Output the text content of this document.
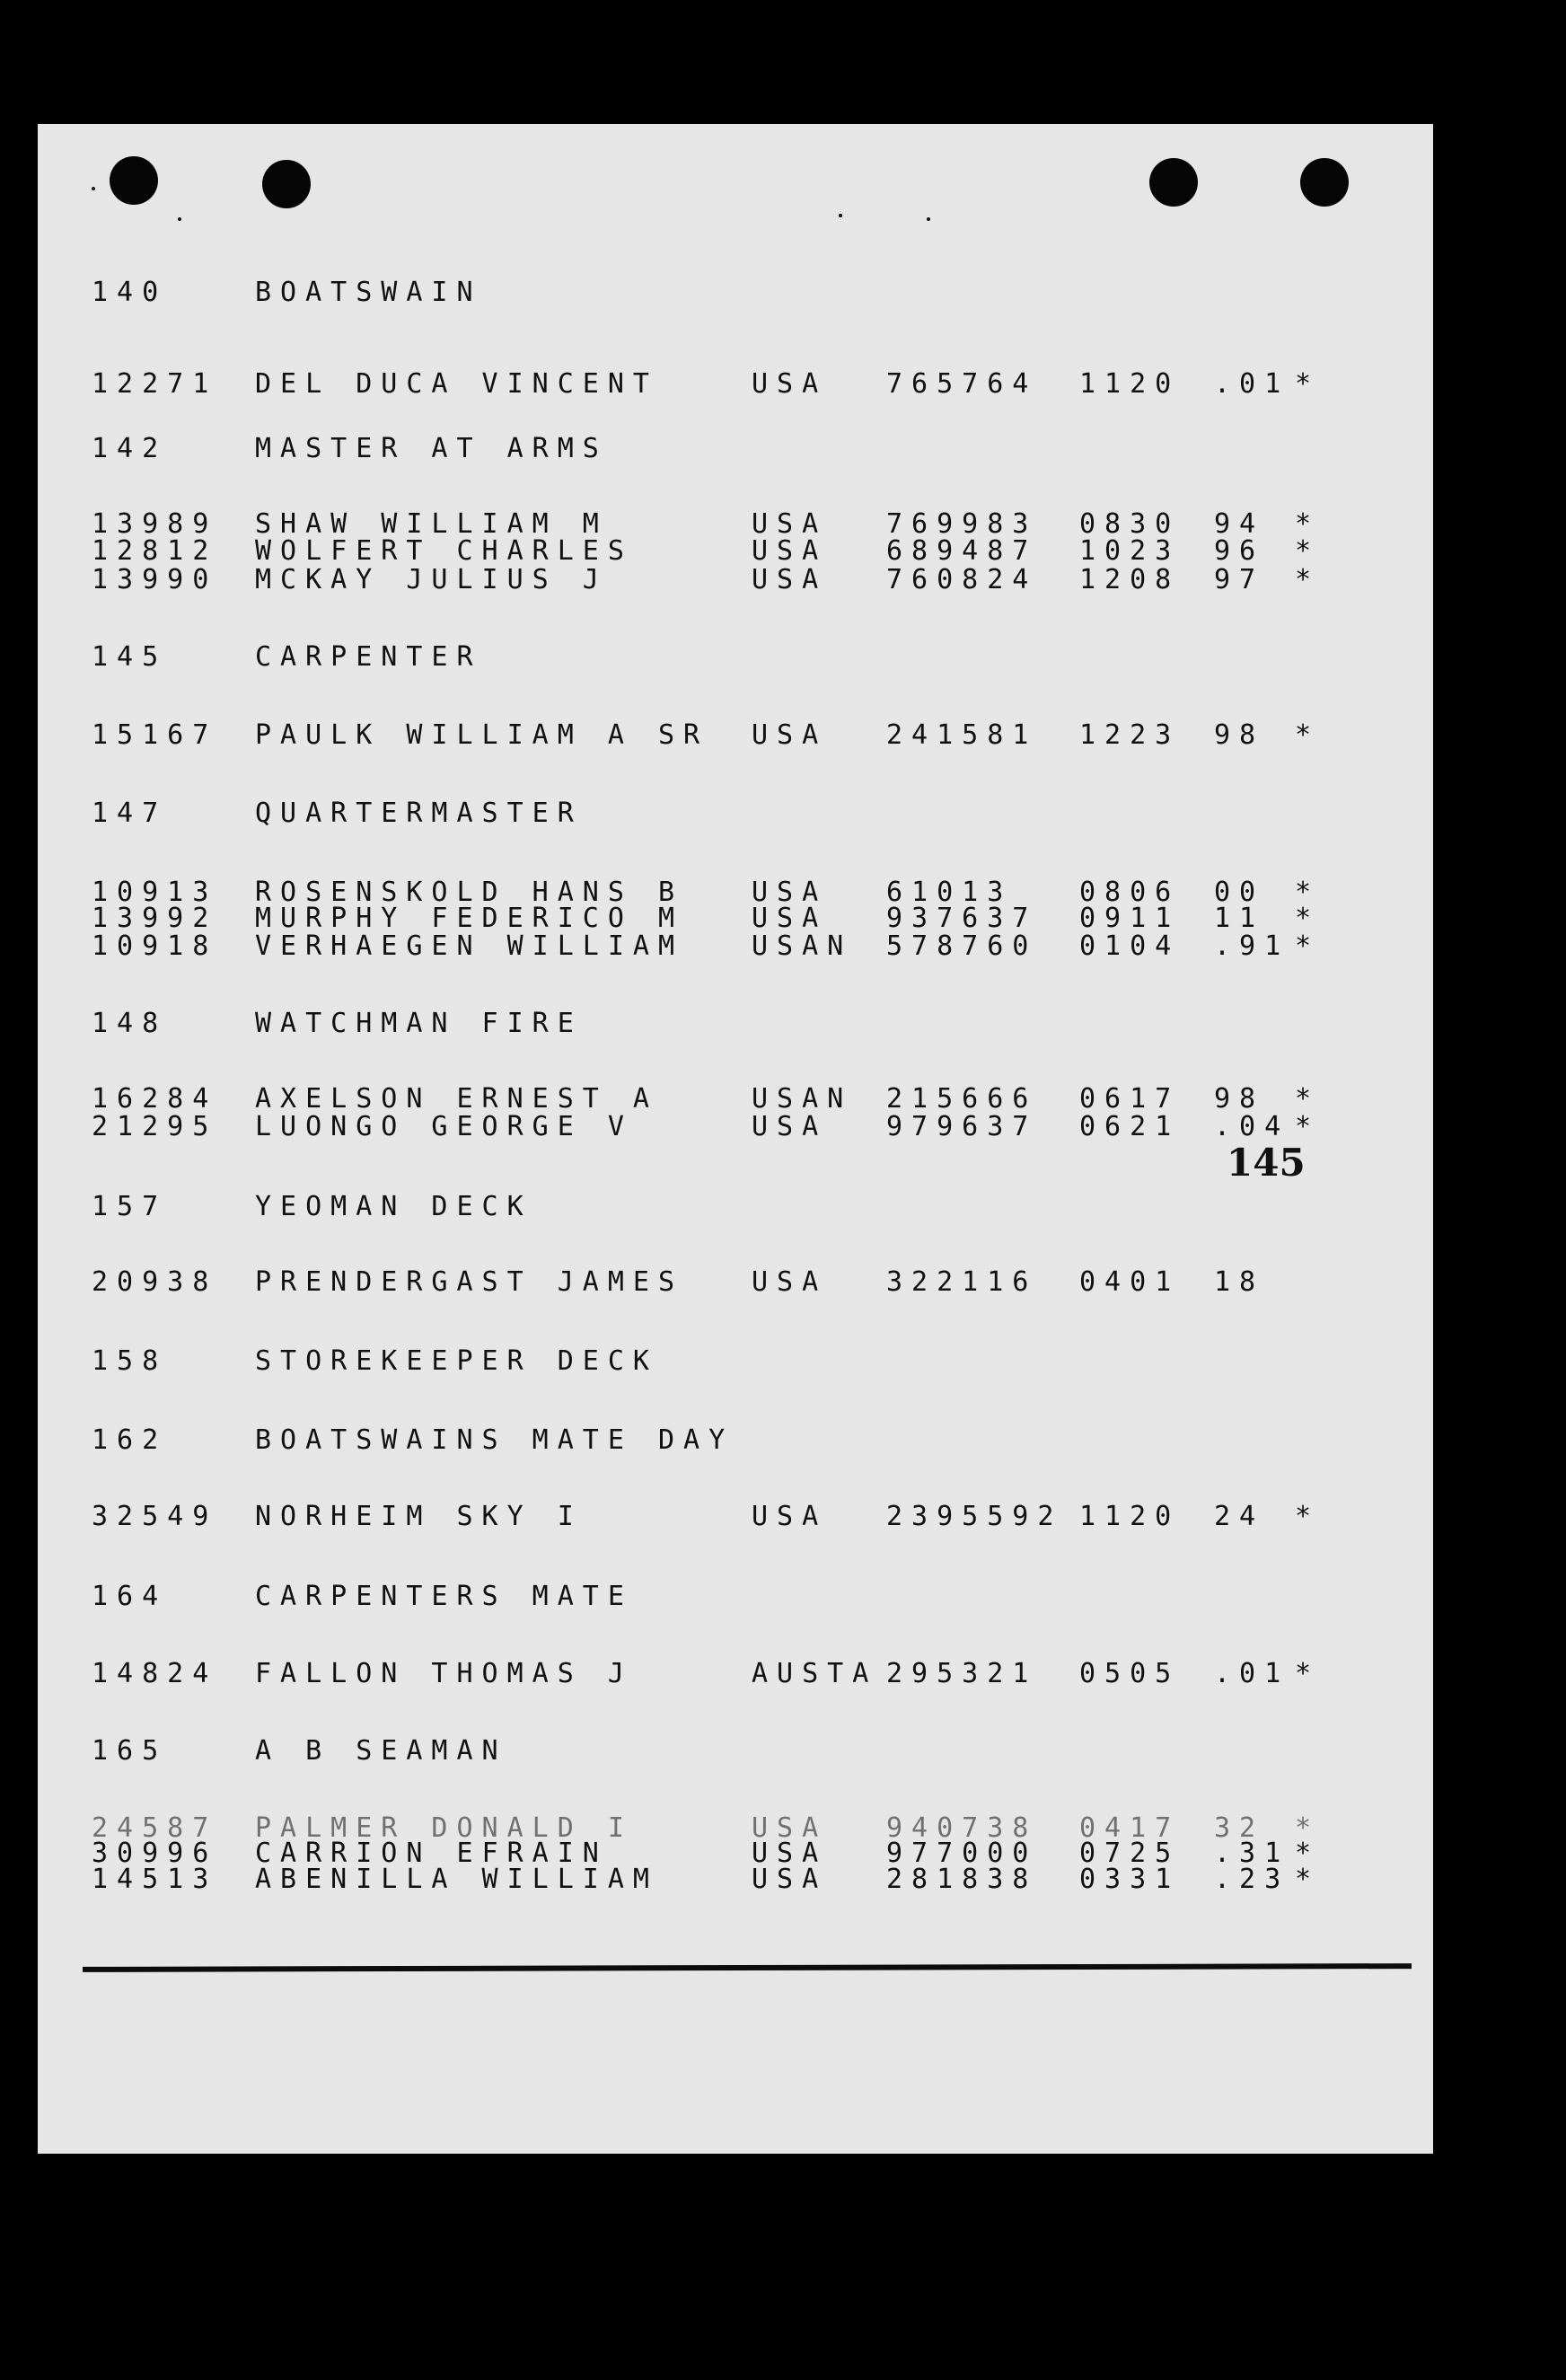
140	BOATSWAIN
12271 DEL DUCA VINCENT	USA 765764 1120 .01 *
142	MASTER AT ARMS
13989 SHAW WILLIAM M	USA 769983 0830 94 *
12812 WOLFERT CHARLES	USA 689487 1023 96 *
13990 MCKAY JULIUS J	USA 760824 1208 97 *
145	CARPENTER
15167 PAULK WILLIAM A SR USA 241581 1223 98 *
147	QUARTERMASTER
10913 ROSENSKOLD HANS B	USA 61013 0806 00 *
13992 MURPHY FEDERICO M	USA 937637 0911 11 *
10918 VERHAEGEN WILLIAM	USAN 578760 0104 .91 *
148	WATCHMAN FIRE
16284 AXELSON ERNEST A	USAN 215666 0617 98 *
21295 LUONGO GEORGE V	USA 979637 0621 .04 *
157	YEOMAN DECK
20938 PRENDERGAST JAMES	USA 322116 0401 18
158	STOREKEEPER DECK
162	BOATSWAINS MATE DAY
32549 NORHEIM SKY I	USA 2395592 1120 24 *
164	CARPENTERS MATE
14824 FALLON THOMAS J	AUSTA 295321 0505 .01 *
165	A B SEAMAN
24587 PALMER DONALD I	USA 940738 0417 32 *
30996 CARRION EFRAIN	USA 977000 0725 .31 *
14513 ABENILLA WILLIAM	USA 281838 0331 .23 *
145
